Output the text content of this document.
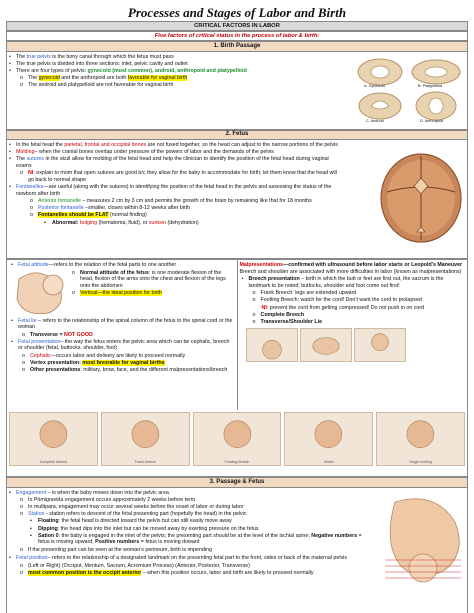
Processes and Stages of Labor and Birth
CRITICAL FACTORS IN LABOR
Five factors of critical status in the process of labor & birth:
1. Birth Passage
• The true pelvis is the bony canal through which the fetus must pass
• The true pelvis is divided into three sections: inlet, pelvic cavity and outlet
• There are four types of pelvis: gynecoid (most common), android, anthropoid and platypelloid
o The gynecoid and the anthropoid are both favorable for vaginal birth
o The android and platypelloid are not favorable for vaginal birth	A. Gynecoid	B. Platypelloid
C. Android	D. Anthropoid
2. Fetus
• In the fetal head the parietal, frontal and occipital bones are not fused together, so the head can adjust to the narrow portions of the pelvis
• Molding– when the cranial bones overlap under pressure of the powers of labor and the demands of the pelvis
• The sutures in the skull allow for molding of the fetal head and help the clinician to identify the position of the fetal head during vaginal exams
o NI: explain to mom that open sutures are good b/c they allow for the baby to accommodate for birth; let them know that the head will go back to normal shape
• Fontanelles—are useful (along with the sutures) in identifying the position of the fetal head in the pelvis and assessing the status of the newborn after birth
o Anterior fontanelle – measures 2 cm by 3 cm and permits the growth of the brain by remaining like that for 18 months
o Posterior fontanelle –smaller, closes within 8-12 weeks after birth
o Fontanelles should be FLAT (normal finding)
▪ Abnormal: bulging (hematoma, fluid), or sunken (dehydration)
• Fetal attitude—refers to the relation of the fetal parts to one another
o Normal attitude of the fetus: is one moderate flexion of the head, flexion of the arms onto the chest and flexion of the legs onto the abdomen
o Vertical—the ideal position for birth
• Fetal lie – refers to the relationship of the spinal column of the fetus to the spinal cord or the woman
o Transverse = NOT GOOD
• Fetal presentation– the way the fetus enters the pelvic area which can be cephalic, breech or shoulder (fetal, buttocks, shoulder, foot)
o Cephalic—occurs labor and delivery are likely to proceed normally
o Vertex presentation: most favorable for vaginal births
o Other presentations: military, brow, face, and the different malpresentations/breech
Malpresentations—confirmed with ultrasound before labor starts or Leopold’s Maneuver
Breech and shoulder are associated with more difficulties in labor (known as malpresentations)
• Breech presentation – birth in which the butt or feet are first out, the sacrum is the landmark to be noted; buttocks, shoulder and foot come out first!
o Frank Breech: legs are extended upward
o Footling Breech: watch for the cord! Don’t want the cord to prolapsed
NI: prevent the cord from getting compressed! Do not push in on cord
o Complete Breech
o Transverse/Shoulder Lie
Complete breech	Frank breech	Footling breech	Vertex	Single footling
3. Passage & Fetus
• Engagement – is when the baby moves down into the pelvic area.
o In Primigravida engagement occurs approximately 2 weeks before term
o In multipara, engagement may occur several weeks before the onset of labor or during labor
o Station - station refers to descent of the fetal presenting part (hopefully the head) in the pelvic
▪ Floating: the fetal head is directed toward the pelvis but can still easily move away
▪ Dipping: the head dips into the inlet but can be moved away by exerting pressure on the fetus
▪ Sation 0: the baby is engaged in the inlet of the pelvis; the presenting part should be at the level of the ischial spine; Negative numbers = fetus is moving upward; Positive numbers = fetus is moving doward
o If the presenting part can be seen at the woman’s perineum, birth is impending
• Fetal position– refers to the relationship of a designated landmark on the presenting fetal part to the front, sides or back of the maternal pelvis
o (Left or Right) (Occiput, Mentum, Sacrum, Acromium Process) (Anterior, Posterior, Transverse)
o most common position is the occipit anterior – when this position occurs, labor and birth are likely to proceed normally
